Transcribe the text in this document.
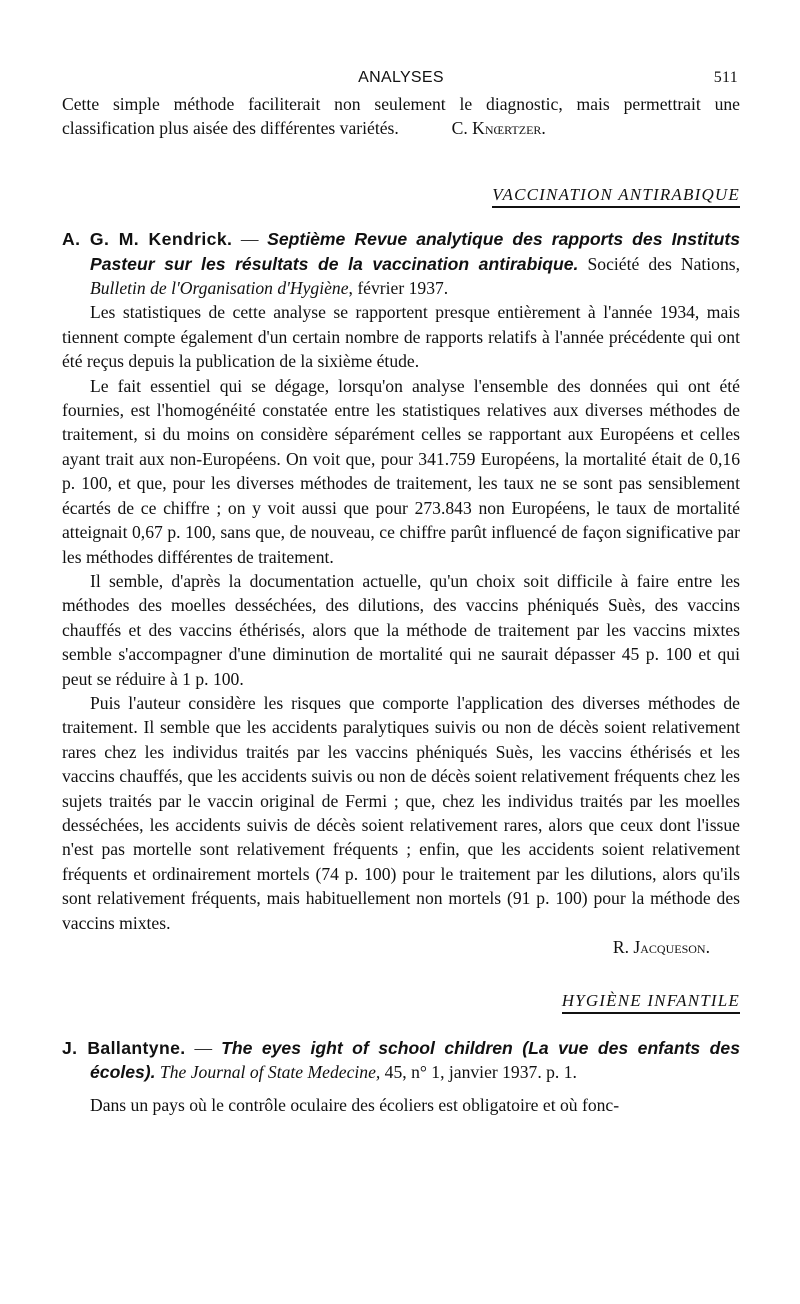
ANALYSES	511

Cette simple méthode faciliterait non seulement le diagnostic, mais permettrait une classification plus aisée des différentes variétés.	C. Knœrtzer.

VACCINATION ANTIRABIQUE

A. G. M. Kendrick. — Septième Revue analytique des rapports des Instituts Pasteur sur les résultats de la vaccination antirabique. Société des Nations, Bulletin de l'Organisation d'Hygiène, février 1937.

Les statistiques de cette analyse se rapportent presque entièrement à l'année 1934, mais tiennent compte également d'un certain nombre de rapports relatifs à l'année précédente qui ont été reçus depuis la publication de la sixième étude.

Le fait essentiel qui se dégage, lorsqu'on analyse l'ensemble des données qui ont été fournies, est l'homogénéité constatée entre les statistiques relatives aux diverses méthodes de traitement, si du moins on considère séparément celles se rapportant aux Européens et celles ayant trait aux non-Européens. On voit que, pour 341.759 Européens, la mortalité était de 0,16 p. 100, et que, pour les diverses méthodes de traitement, les taux ne se sont pas sensiblement écartés de ce chiffre ; on y voit aussi que pour 273.843 non Européens, le taux de mortalité atteignait 0,67 p. 100, sans que, de nouveau, ce chiffre parût influencé de façon significative par les méthodes différentes de traitement.

Il semble, d'après la documentation actuelle, qu'un choix soit difficile à faire entre les méthodes des moelles desséchées, des dilutions, des vaccins phéniqués Suès, des vaccins chauffés et des vaccins éthérisés, alors que la méthode de traitement par les vaccins mixtes semble s'accompagner d'une diminution de mortalité qui ne saurait dépasser 45 p. 100 et qui peut se réduire à 1 p. 100.

Puis l'auteur considère les risques que comporte l'application des diverses méthodes de traitement. Il semble que les accidents paralytiques suivis ou non de décès soient relativement rares chez les individus traités par les vaccins phéniqués Suès, les vaccins éthérisés et les vaccins chauffés, que les accidents suivis ou non de décès soient relativement fréquents chez les sujets traités par le vaccin original de Fermi ; que, chez les individus traités par les moelles desséchées, les accidents suivis de décès soient relativement rares, alors que ceux dont l'issue n'est pas mortelle sont relativement fréquents ; enfin, que les accidents soient relativement fréquents et ordinairement mortels (74 p. 100) pour le traitement par les dilutions, alors qu'ils sont relativement fréquents, mais habituellement non mortels (91 p. 100) pour la méthode des vaccins mixtes.

R. Jacqueson.

HYGIÈNE INFANTILE

J. Ballantyne. — The eyes ight of school children (La vue des enfants des écoles). The Journal of State Medecine, 45, n° 1, janvier 1937. p. 1.

Dans un pays où le contrôle oculaire des écoliers est obligatoire et où fonc-
